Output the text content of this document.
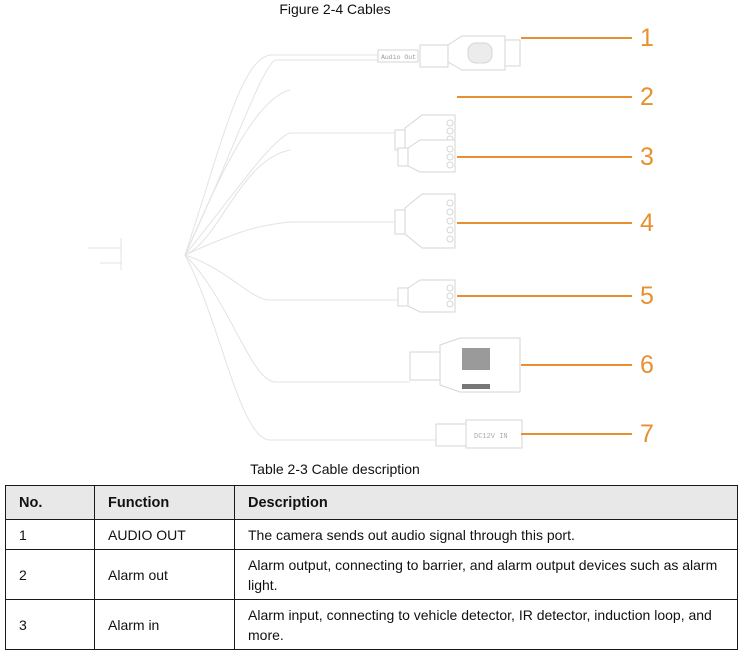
Figure 2-4 Cables
Audio Out
DC12V IN
1
2
3
4
5
6
7
Table 2-3 Cable description
No.	Function	Description
1	AUDIO OUT	The camera sends out audio signal through this port.
2	Alarm out	Alarm output, connecting to barrier, and alarm output devices such as alarm light.
3	Alarm in	Alarm input, connecting to vehicle detector, IR detector, induction loop, and more.
